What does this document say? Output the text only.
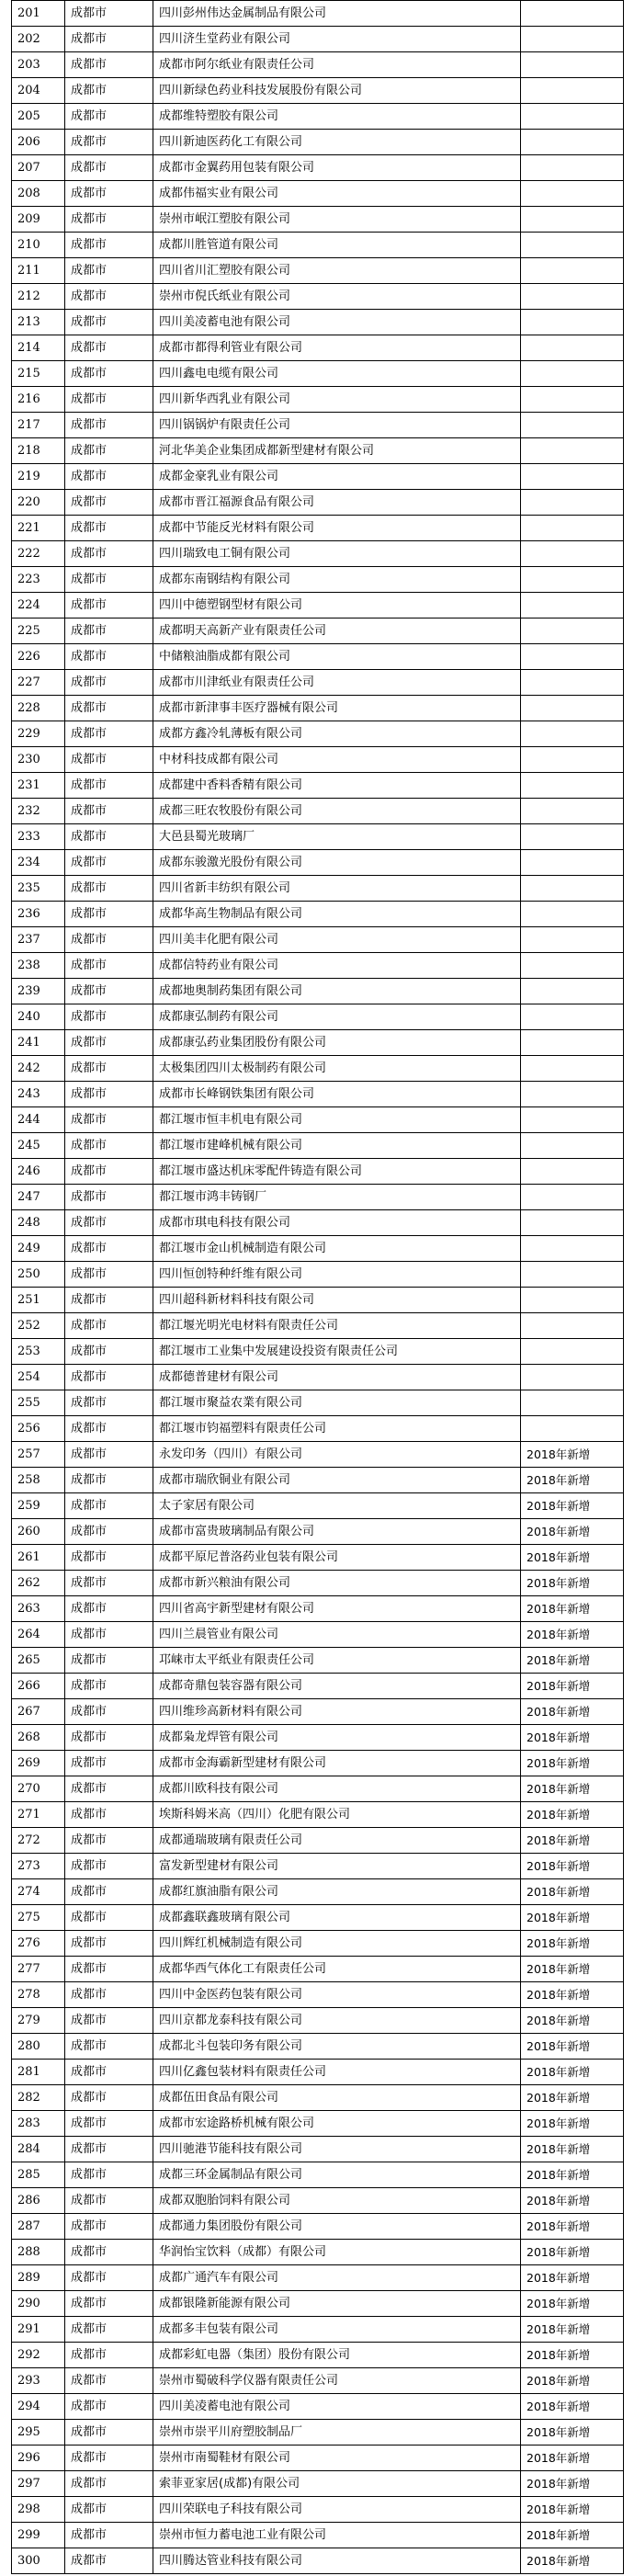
201	成都市	四川彭州伟达金属制品有限公司	
202	成都市	四川济生堂药业有限公司	
203	成都市	成都市阿尔纸业有限责任公司	
204	成都市	四川新绿色药业科技发展股份有限公司	
205	成都市	成都维特塑胶有限公司	
206	成都市	四川新迪医药化工有限公司	
207	成都市	成都市金翼药用包装有限公司	
208	成都市	成都伟福实业有限公司	
209	成都市	崇州市岷江塑胶有限公司	
210	成都市	成都川胜管道有限公司	
211	成都市	四川省川汇塑胶有限公司	
212	成都市	崇州市倪氏纸业有限公司	
213	成都市	四川美凌蓄电池有限公司	
214	成都市	成都市都得利管业有限公司	
215	成都市	四川鑫电电缆有限公司	
216	成都市	四川新华西乳业有限公司	
217	成都市	四川锅锅炉有限责任公司	
218	成都市	河北华美企业集团成都新型建材有限公司	
219	成都市	成都金豪乳业有限公司	
220	成都市	成都市晋江福源食品有限公司	
221	成都市	成都中节能反光材料有限公司	
222	成都市	四川瑞致电工铜有限公司	
223	成都市	成都东南钢结构有限公司	
224	成都市	四川中德塑钢型材有限公司	
225	成都市	成都明天高新产业有限责任公司	
226	成都市	中储粮油脂成都有限公司	
227	成都市	成都市川津纸业有限责任公司	
228	成都市	成都市新津事丰医疗器械有限公司	
229	成都市	成都方鑫冷轧薄板有限公司	
230	成都市	中材科技成都有限公司	
231	成都市	成都建中香料香精有限公司	
232	成都市	成都三旺农牧股份有限公司	
233	成都市	大邑县蜀光玻璃厂	
234	成都市	成都东骏激光股份有限公司	
235	成都市	四川省新丰纺织有限公司	
236	成都市	成都华高生物制品有限公司	
237	成都市	四川美丰化肥有限公司	
238	成都市	成都信特药业有限公司	
239	成都市	成都地奥制药集团有限公司	
240	成都市	成都康弘制药有限公司	
241	成都市	成都康弘药业集团股份有限公司	
242	成都市	太极集团四川太极制药有限公司	
243	成都市	成都市长峰钢铁集团有限公司	
244	成都市	都江堰市恒丰机电有限公司	
245	成都市	都江堰市建峰机械有限公司	
246	成都市	都江堰市盛达机床零配件铸造有限公司	
247	成都市	都江堰市鸿丰铸钢厂	
248	成都市	成都市琪电科技有限公司	
249	成都市	都江堰市金山机械制造有限公司	
250	成都市	四川恒创特种纤维有限公司	
251	成都市	四川超科新材料科技有限公司	
252	成都市	都江堰光明光电材料有限责任公司	
253	成都市	都江堰市工业集中发展建设投资有限责任公司	
254	成都市	成都德普建材有限公司	
255	成都市	都江堰市聚益农業有限公司	
256	成都市	都江堰市钧福塑料有限责任公司	
257	成都市	永发印务（四川）有限公司	2018年新增
258	成都市	成都市瑞欣铜业有限公司	2018年新增
259	成都市	太子家居有限公司	2018年新增
260	成都市	成都市富贵玻璃制品有限公司	2018年新增
261	成都市	成都平原尼普洛药业包装有限公司	2018年新增
262	成都市	成都市新兴粮油有限公司	2018年新增
263	成都市	四川省高宇新型建材有限公司	2018年新增
264	成都市	四川兰晨管业有限公司	2018年新增
265	成都市	邛崃市太平纸业有限责任公司	2018年新增
266	成都市	成都奇鼎包装容器有限公司	2018年新增
267	成都市	四川维珍高新材料有限公司	2018年新增
268	成都市	成都枭龙焊管有限公司	2018年新增
269	成都市	成都市金海霸新型建材有限公司	2018年新增
270	成都市	成都川欧科技有限公司	2018年新增
271	成都市	埃斯科姆米高（四川）化肥有限公司	2018年新增
272	成都市	成都通瑞玻璃有限责任公司	2018年新增
273	成都市	富发新型建材有限公司	2018年新增
274	成都市	成都红旗油脂有限公司	2018年新增
275	成都市	成都鑫联鑫玻璃有限公司	2018年新增
276	成都市	四川辉红机械制造有限公司	2018年新增
277	成都市	成都华西气体化工有限责任公司	2018年新增
278	成都市	四川中金医药包装有限公司	2018年新增
279	成都市	四川京都龙泰科技有限公司	2018年新增
280	成都市	成都北斗包装印务有限公司	2018年新增
281	成都市	四川亿鑫包装材料有限责任公司	2018年新增
282	成都市	成都伍田食品有限公司	2018年新增
283	成都市	成都市宏途路桥机械有限公司	2018年新增
284	成都市	四川驰港节能科技有限公司	2018年新增
285	成都市	成都三环金属制品有限公司	2018年新增
286	成都市	成都双胞胎饲料有限公司	2018年新增
287	成都市	成都通力集团股份有限公司	2018年新增
288	成都市	华润怡宝饮料（成都）有限公司	2018年新增
289	成都市	成都广通汽车有限公司	2018年新增
290	成都市	成都银隆新能源有限公司	2018年新增
291	成都市	成都多丰包装有限公司	2018年新增
292	成都市	成都彩虹电器（集团）股份有限公司	2018年新增
293	成都市	崇州市蜀破科学仪器有限责任公司	2018年新增
294	成都市	四川美凌蓄电池有限公司	2018年新增
295	成都市	崇州市崇平川府塑胶制品厂	2018年新增
296	成都市	崇州市南蜀鞋材有限公司	2018年新增
297	成都市	索菲亚家居(成都)有限公司	2018年新增
298	成都市	四川荣联电子科技有限公司	2018年新增
299	成都市	崇州市恒力蓄电池工业有限公司	2018年新增
300	成都市	四川腾达管业科技有限公司	2018年新增
